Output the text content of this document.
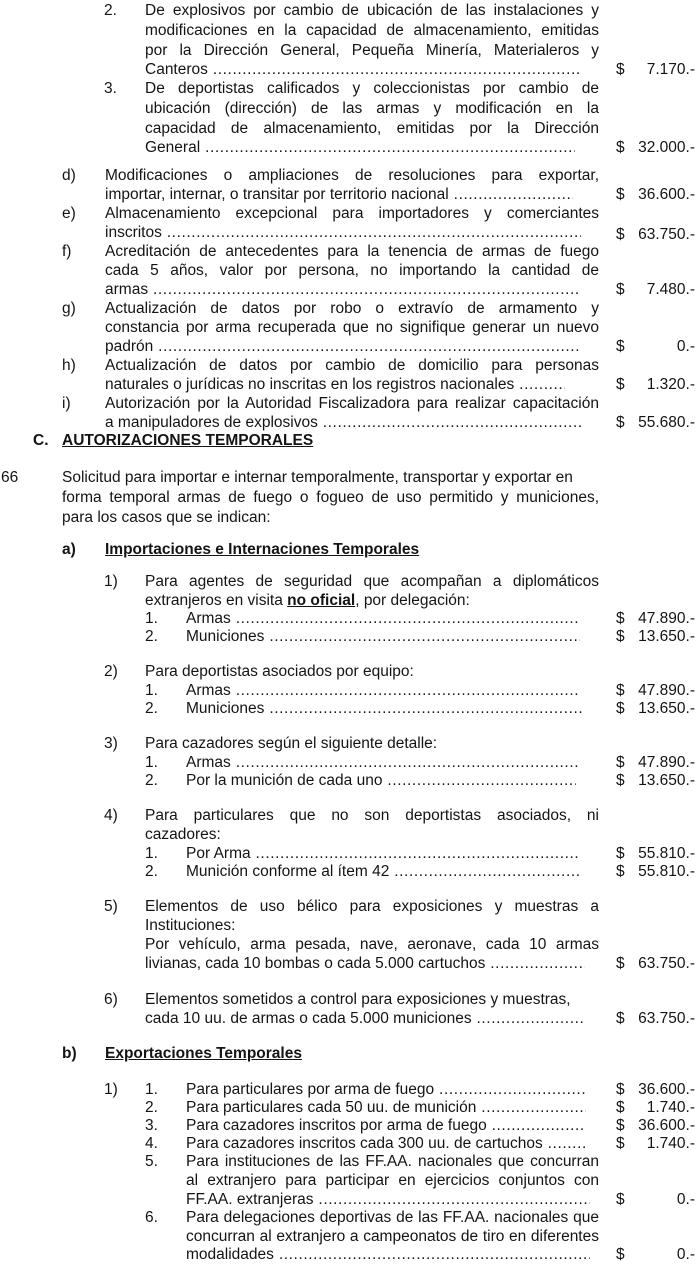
2. De explosivos por cambio de ubicación de las instalaciones y
modificaciones en la capacidad de almacenamiento, emitidas
por la Dirección General, Pequeña Minería, Materialeros y
Canteros .....	$	7.170.-
3. De deportistas calificados y coleccionistas por cambio de
ubicación (dirección) de las armas y modificación en la
capacidad de almacenamiento, emitidas por la Dirección
General .....	$ 32.000.-
d) Modificaciones o ampliaciones de resoluciones para exportar,
importar, internar, o transitar por territorio nacional .....	$ 36.600.-
e) Almacenamiento excepcional para importadores y comerciantes
inscritos .....	$ 63.750.-
f) Acreditación de antecedentes para la tenencia de armas de fuego
cada 5 años, valor por persona, no importando la cantidad de
armas .....	$	7.480.-
g) Actualización de datos por robo o extravío de armamento y
constancia por arma recuperada que no signifique generar un nuevo
padrón .....	$	0.-
h) Actualización de datos por cambio de domicilio para personas
naturales o jurídicas no inscritas en los registros nacionales .....	$	1.320.-
i) Autorización por la Autoridad Fiscalizadora para realizar capacitación
a manipuladores de explosivos .....	$ 55.680.-
C. AUTORIZACIONES TEMPORALES
66	Solicitud para importar e internar temporalmente, transportar y exportar en
forma temporal armas de fuego o fogueo de uso permitido y municiones,
para los casos que se indican:
a) Importaciones e Internaciones Temporales
1) Para agentes de seguridad que acompañan a diplomáticos
extranjeros en visita no oficial, por delegación:
1. Armas .....	$ 47.890.-
2. Municiones .....	$ 13.650.-
2) Para deportistas asociados por equipo:
1. Armas .....	$ 47.890.-
2. Municiones .....	$ 13.650.-
3) Para cazadores según el siguiente detalle:
1. Armas .....	$ 47.890.-
2. Por la munición de cada uno .....	$ 13.650.-
4) Para particulares que no son deportistas asociados, ni
cazadores:
1. Por Arma .....	$ 55.810.-
2. Munición conforme al ítem 42 .....	$ 55.810.-
5) Elementos de uso bélico para exposiciones y muestras a
Instituciones:
Por vehículo, arma pesada, nave, aeronave, cada 10 armas
livianas, cada 10 bombas o cada 5.000 cartuchos .....	$ 63.750.-
6) Elementos sometidos a control para exposiciones y muestras,
cada 10 uu. de armas o cada 5.000 municiones .....	$ 63.750.-
b) Exportaciones Temporales
1) 1. Para particulares por arma de fuego .....	$ 36.600.-
2. Para particulares cada 50 uu. de munición .....	$	1.740.-
3. Para cazadores inscritos por arma de fuego .....	$ 36.600.-
4. Para cazadores inscritos cada 300 uu. de cartuchos .....	$	1.740.-
5. Para instituciones de las FF.AA. nacionales que concurran
al extranjero para participar en ejercicios conjuntos con
FF.AA. extranjeras .....	$	0.-
6. Para delegaciones deportivas de las FF.AA. nacionales que
concurran al extranjero a campeonatos de tiro en diferentes
modalidades .....	$	0.-
